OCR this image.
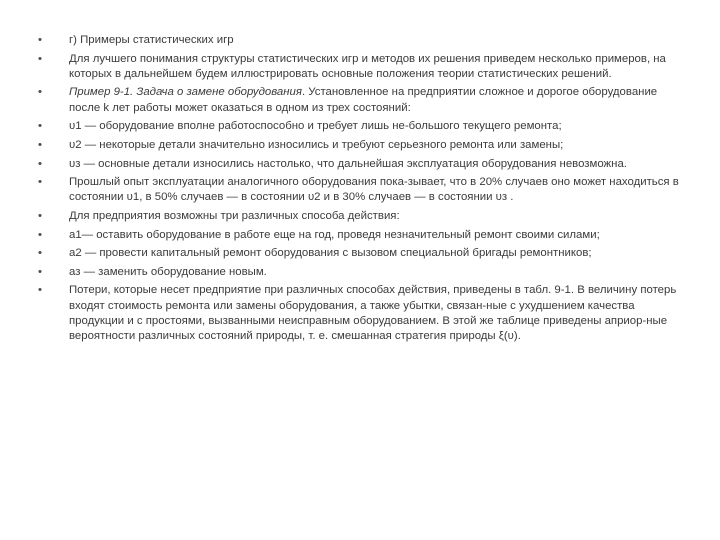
•	г) Примеры статистических игр
•	Для лучшего понимания структуры статистических игр и методов их решения приведем несколько примеров, на которых в дальнейшем будем иллюстрировать основные положения теории статистических решений.
•	Пример 9-1. Задача о замене оборудования. Установленное на предприятии сложное и дорогое оборудование после k лет работы может оказаться в одном из трех состояний:
•	υ1 — оборудование вполне работоспособно и требует лишь не-большого текущего ремонта;
•	υ2 — некоторые детали значительно износились и требуют серьезного ремонта или замены;
•	υз — основные детали износились настолько, что дальнейшая эксплуатация оборудования невозможна.
•	Прошлый опыт эксплуатации аналогичного оборудования пока-зывает, что в 20% случаев оно может находиться в состоянии υ1, в 50% случаев — в состоянии υ2 и в 30% случаев — в состоянии υз .
•	Для предприятия возможны три различных способа действия:
•	а1— оставить оборудование в работе еще на год, проведя незначительный ремонт своими силами;
•	а2 — провести капитальный ремонт оборудования с вызовом специальной бригады ремонтников;
•	аз — заменить оборудование новым.
•	Потери, которые несет предприятие при различных способах действия, приведены в табл. 9-1. В величину потерь входят стоимость ремонта или замены оборудования, а также убытки, связан-ные с ухудшением качества продукции и с простоями, вызванными неисправным оборудованием. В этой же таблице приведены априор-ные вероятности различных состояний природы, т. е. смешанная стратегия природы ξ(υ).
